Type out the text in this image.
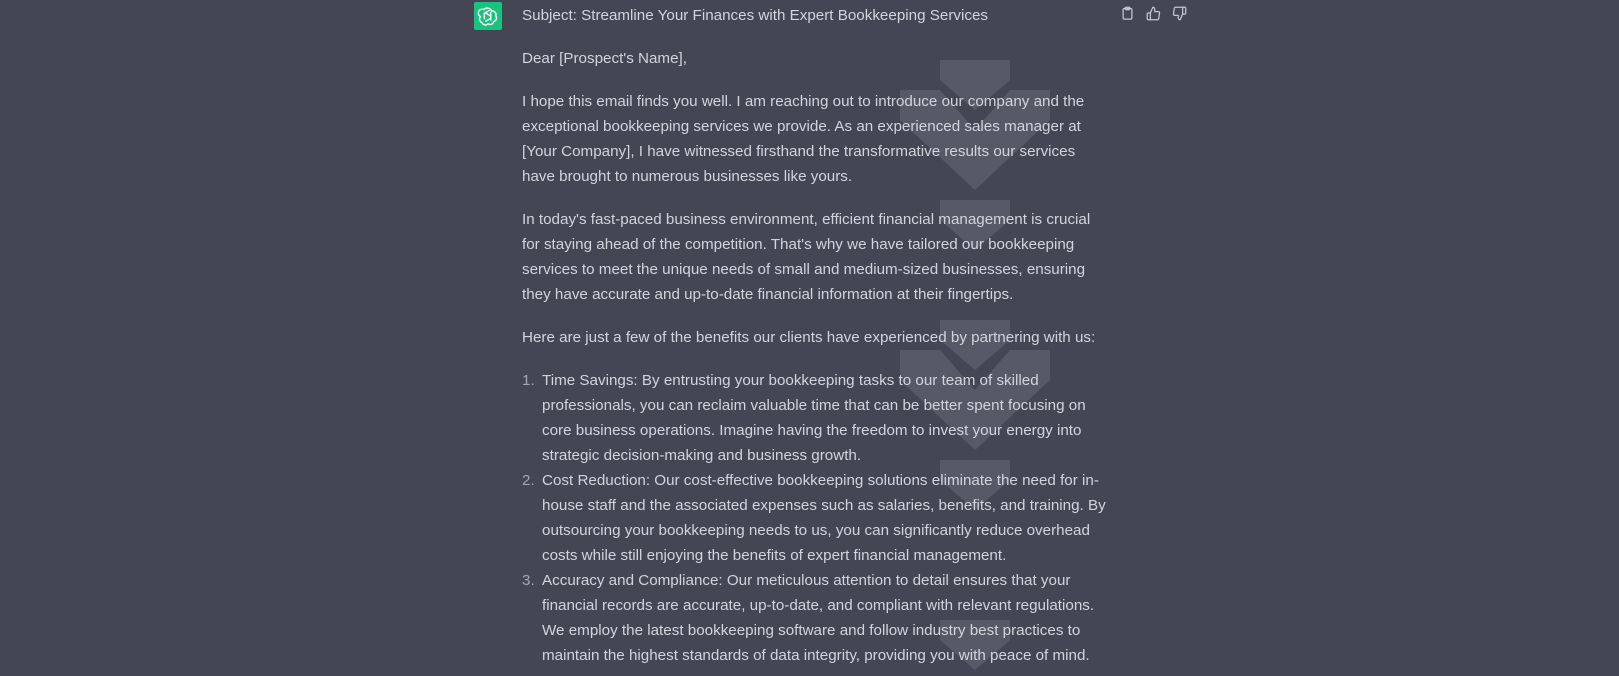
Subject: Streamline Your Finances with Expert Bookkeeping Services

Dear [Prospect's Name],

I hope this email finds you well. I am reaching out to introduce our company and the exceptional bookkeeping services we provide. As an experienced sales manager at [Your Company], I have witnessed firsthand the transformative results our services have brought to numerous businesses like yours.

In today's fast-paced business environment, efficient financial management is crucial for staying ahead of the competition. That's why we have tailored our bookkeeping services to meet the unique needs of small and medium-sized businesses, ensuring they have accurate and up-to-date financial information at their fingertips.

Here are just a few of the benefits our clients have experienced by partnering with us:

1. Time Savings: By entrusting your bookkeeping tasks to our team of skilled professionals, you can reclaim valuable time that can be better spent focusing on core business operations. Imagine having the freedom to invest your energy into strategic decision-making and business growth.
2. Cost Reduction: Our cost-effective bookkeeping solutions eliminate the need for in-house staff and the associated expenses such as salaries, benefits, and training. By outsourcing your bookkeeping needs to us, you can significantly reduce overhead costs while still enjoying the benefits of expert financial management.
3. Accuracy and Compliance: Our meticulous attention to detail ensures that your financial records are accurate, up-to-date, and compliant with relevant regulations. We employ the latest bookkeeping software and follow industry best practices to maintain the highest standards of data integrity, providing you with peace of mind.
